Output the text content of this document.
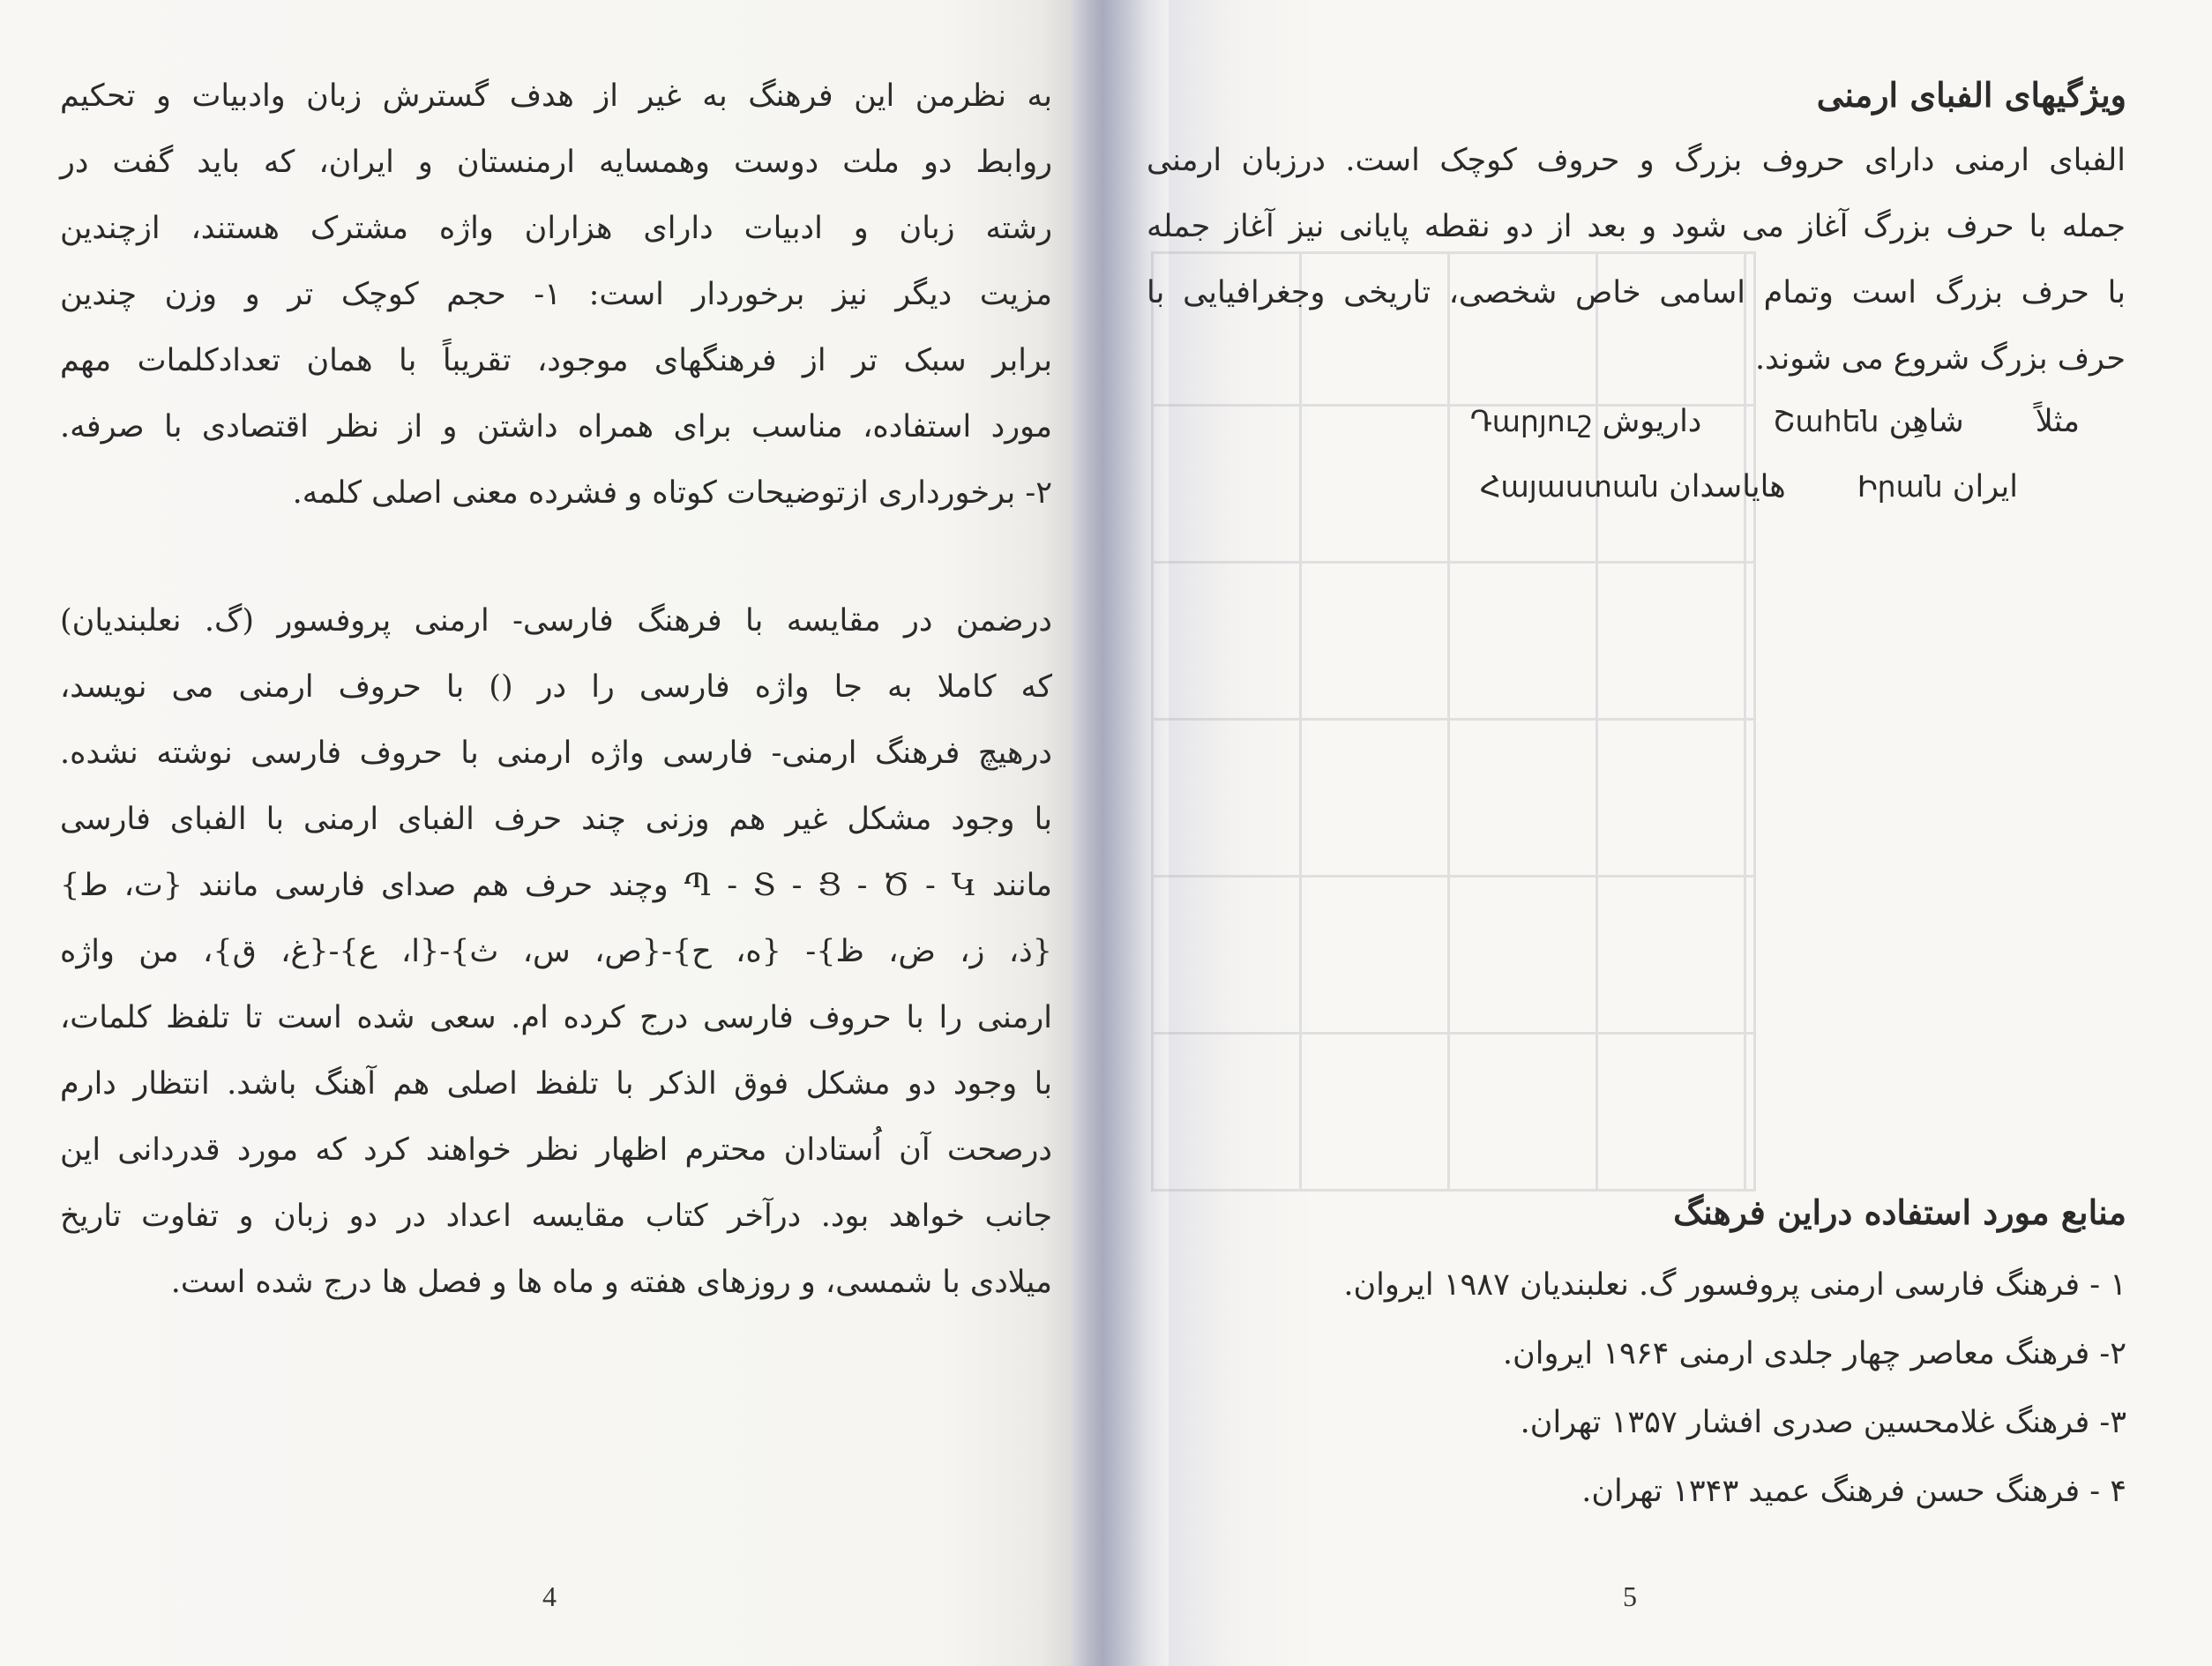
به نظرمن این فرهنگ به غیر از هدف گسترش زبان وادبیات و تحکیم
روابط دو ملت دوست وهمسایه ارمنستان و ایران، که باید گفت در
رشته زبان و ادبیات دارای هزاران واژه مشترک هستند، ازچندین
مزیت دیگر نیز برخوردار است: ۱- حجم کوچک تر و وزن چندین
برابر سبک تر از فرهنگهای موجود، تقریباً با همان تعدادکلمات مهم
مورد استفاده، مناسب برای همراه داشتن و از نظر اقتصادی با صرفه.
۲- برخورداری ازتوضیحات کوتاه و فشرده معنی اصلی کلمه.
درضمن در مقایسه با فرهنگ فارسی- ارمنی پروفسور (گ. نعلبندیان)
که کاملا به جا واژه فارسی را در () با حروف ارمنی می نویسد،
درهیچ فرهنگ ارمنی- فارسی واژه ارمنی با حروف فارسی نوشته نشده.
با وجود مشکل غیر هم وزنی چند حرف الفبای ارمنی با الفبای فارسی
مانند Պ - Տ - Ց - Ծ - Կ وچند حرف هم صدای فارسی مانند {ت، ط}
{ذ، ز، ض، ظ}- {ه، ح}-{ص، س، ث}-{ا، ع}-{غ، ق}، من واژه
ارمنی را با حروف فارسی درج کرده ام. سعی شده است تا تلفظ کلمات،
با وجود دو مشکل فوق الذکر با تلفظ اصلی هم آهنگ باشد. انتظار دارم
درصحت آن اُستادان محترم اظهار نظر خواهند کرد که مورد قدردانی این
جانب خواهد بود. درآخر کتاب مقایسه اعداد در دو زبان و تفاوت تاریخ
میلادی با شمسی، و روزهای هفته و ماه ها و فصل ها درج شده است.
4
ویژگیهای الفبای ارمنی
الفبای ارمنی دارای حروف بزرگ و حروف کوچک است. درزبان ارمنی
جمله با حرف بزرگ آغاز می شود و بعد از دو نقطه پایانی نیز آغاز جمله
با حرف بزرگ است وتمام اسامی خاص شخصی، تاریخی وجغرافیایی با
حرف بزرگ شروع می شوند.
مثلاً شاهِن Շահեն داریوش Դարյուշ
ایران Իրան هایاسدان Հայաստան
منابع مورد استفاده دراین فرهنگ
۱ - فرهنگ فارسی ارمنی پروفسور گ. نعلبندیان ۱۹۸۷ ایروان.
۲- فرهنگ معاصر چهار جلدی ارمنی ۱۹۶۴ ایروان.
۳- فرهنگ غلامحسین صدری افشار ۱۳۵۷ تهران.
۴ - فرهنگ حسن فرهنگ عمید ۱۳۴۳ تهران.
5
